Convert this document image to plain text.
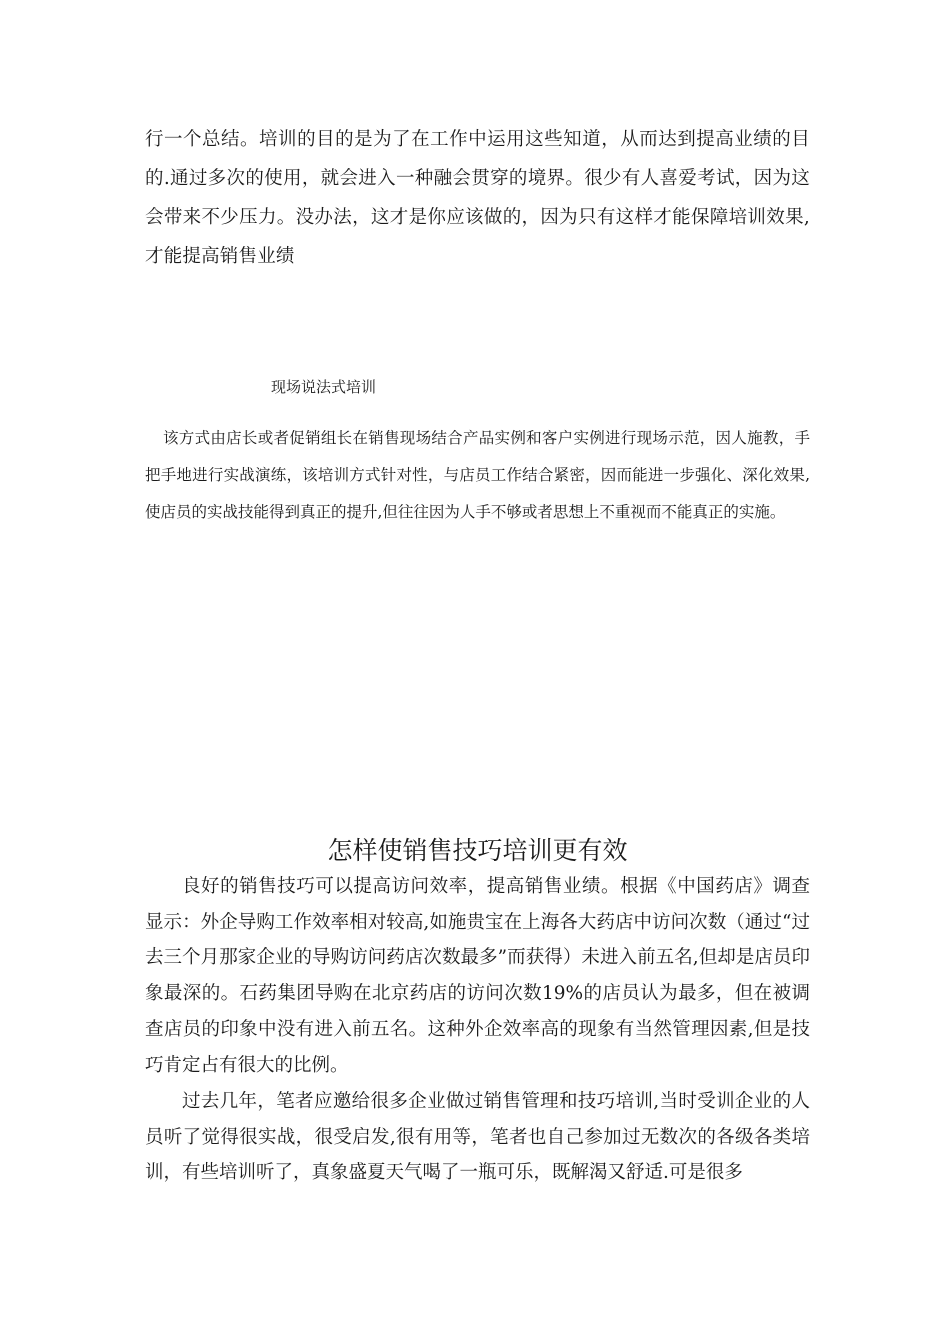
行一个总结。培训的目的是为了在工作中运用这些知道，从而达到提高业绩的目的.通过多次的使用，就会进入一种融会贯穿的境界。很少有人喜爱考试，因为这会带来不少压力。没办法，这才是你应该做的，因为只有这样才能保障培训效果,才能提高销售业绩

现场说法式培训

该方式由店长或者促销组长在销售现场结合产品实例和客户实例进行现场示范，因人施教，手把手地进行实战演练，该培训方式针对性，与店员工作结合紧密，因而能进一步强化、深化效果,使店员的实战技能得到真正的提升,但往往因为人手不够或者思想上不重视而不能真正的实施。

怎样使销售技巧培训更有效

良好的销售技巧可以提高访问效率，提高销售业绩。根据《中国药店》调查显示：外企导购工作效率相对较高,如施贵宝在上海各大药店中访问次数（通过“过去三个月那家企业的导购访问药店次数最多”而获得）未进入前五名,但却是店员印象最深的。石药集团导购在北京药店的访问次数19%的店员认为最多，但在被调查店员的印象中没有进入前五名。这种外企效率高的现象有当然管理因素,但是技巧肯定占有很大的比例。

过去几年，笔者应邀给很多企业做过销售管理和技巧培训,当时受训企业的人员听了觉得很实战，很受启发,很有用等，笔者也自己参加过无数次的各级各类培训，有些培训听了，真象盛夏天气喝了一瓶可乐，既解渴又舒适.可是很多
